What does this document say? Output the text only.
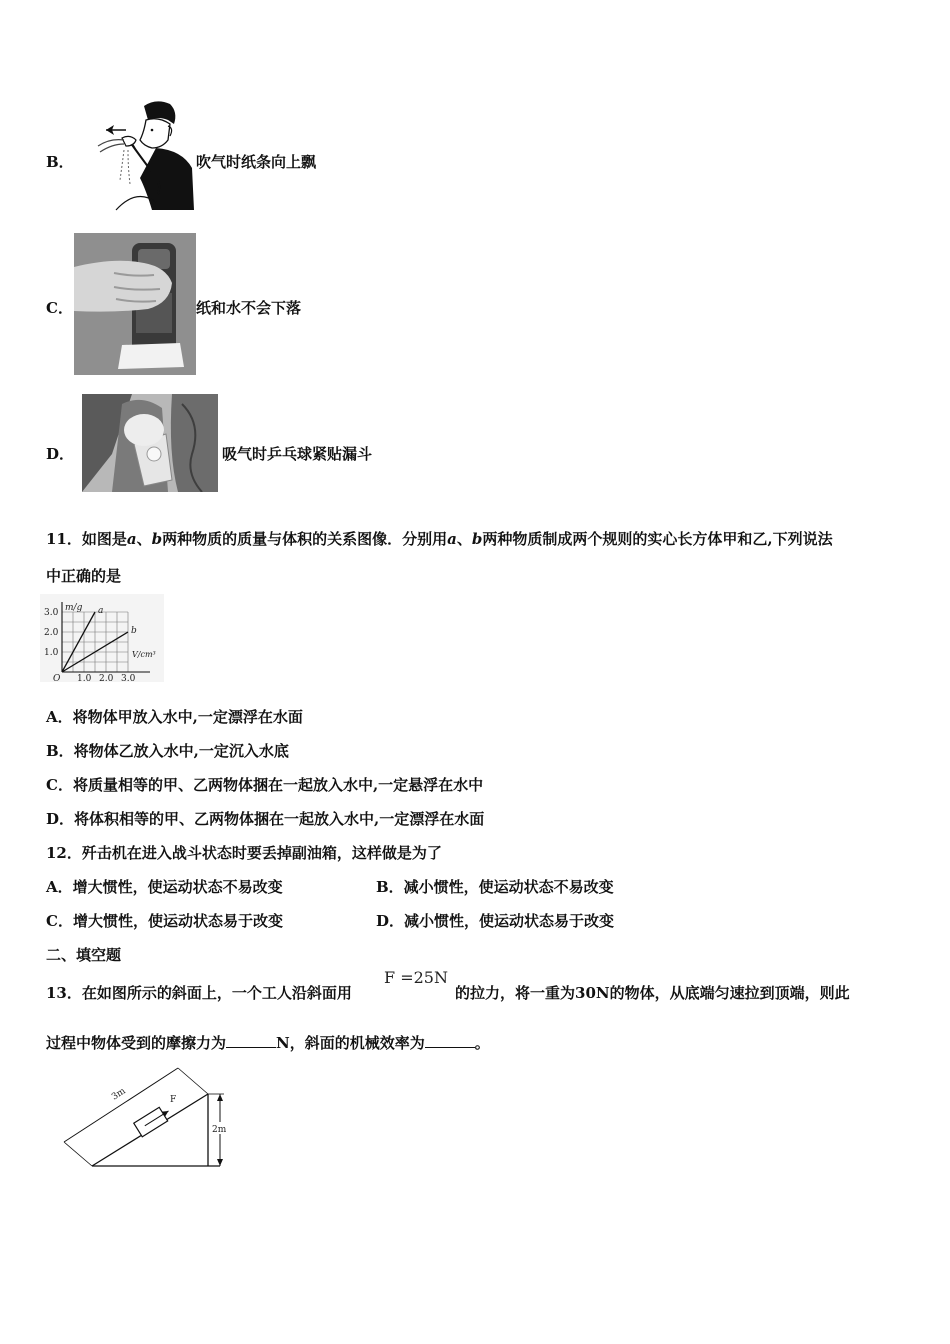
B．	吹气时纸条向上飘
C．	纸和水不会下落
D．	吸气时乒乓球紧贴漏斗
11．如图是a、b两种物质的质量与体积的关系图像．分别用a、b两种物质制成两个规则的实心长方体甲和乙,下列说法
中正确的是
1.0
2.0
3.0
1.0 2.0 3.0
O
m/g
V/cm³
a
b
A．将物体甲放入水中,一定漂浮在水面
B．将物体乙放入水中,一定沉入水底
C．将质量相等的甲、乙两物体捆在一起放入水中,一定悬浮在水中
D．将体积相等的甲、乙两物体捆在一起放入水中,一定漂浮在水面
12．歼击机在进入战斗状态时要丢掉副油箱，这样做是为了
A．增大惯性，使运动状态不易改变	B．减小惯性，使运动状态不易改变
C．增大惯性，使运动状态易于改变	D．减小惯性，使运动状态易于改变
二、填空题
13．在如图所示的斜面上，一个工人沿斜面用
F =25N
的拉力，将一重为30N的物体，从底端匀速拉到顶端，则此
过程中物体受到的摩擦力为	N，斜面的机械效率为	。
3m	F
2m
